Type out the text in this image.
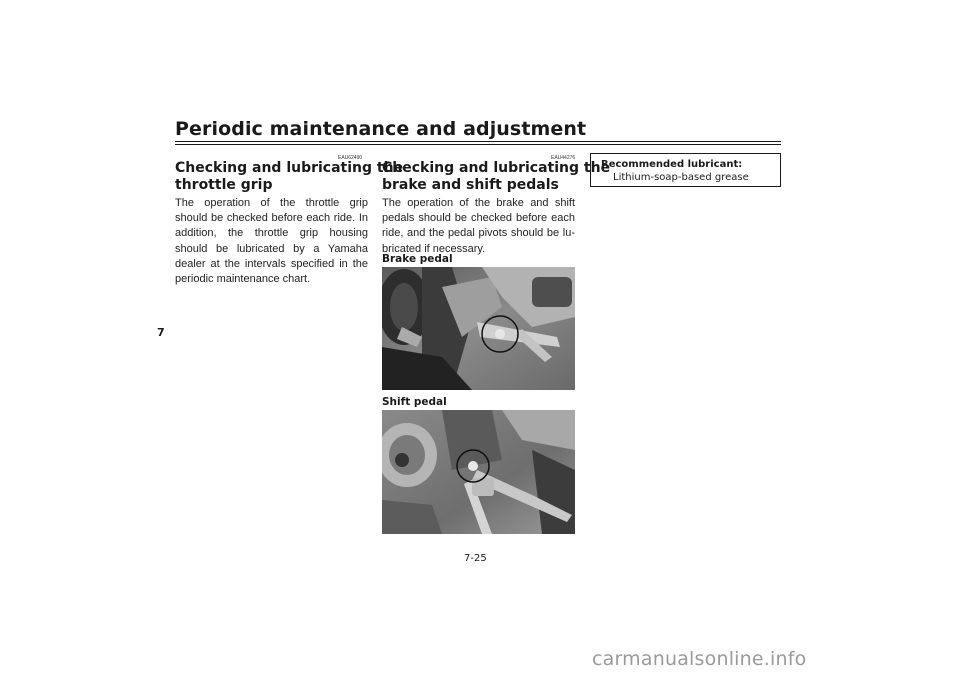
Periodic maintenance and adjustment
7
EAU62490
Checking and lubricating the
throttle grip
The operation of the throttle grip
should be checked before each ride. In
addition, the throttle grip housing
should be lubricated by a Yamaha
dealer at the intervals specified in the
periodic maintenance chart.
EAU44276
Checking and lubricating the
brake and shift pedals
The operation of the brake and shift
pedals should be checked before each
ride, and the pedal pivots should be lu-
bricated if necessary.
Brake pedal
Shift pedal
Recommended lubricant:
Lithium-soap-based grease
7-25
carmanualsonline.info
